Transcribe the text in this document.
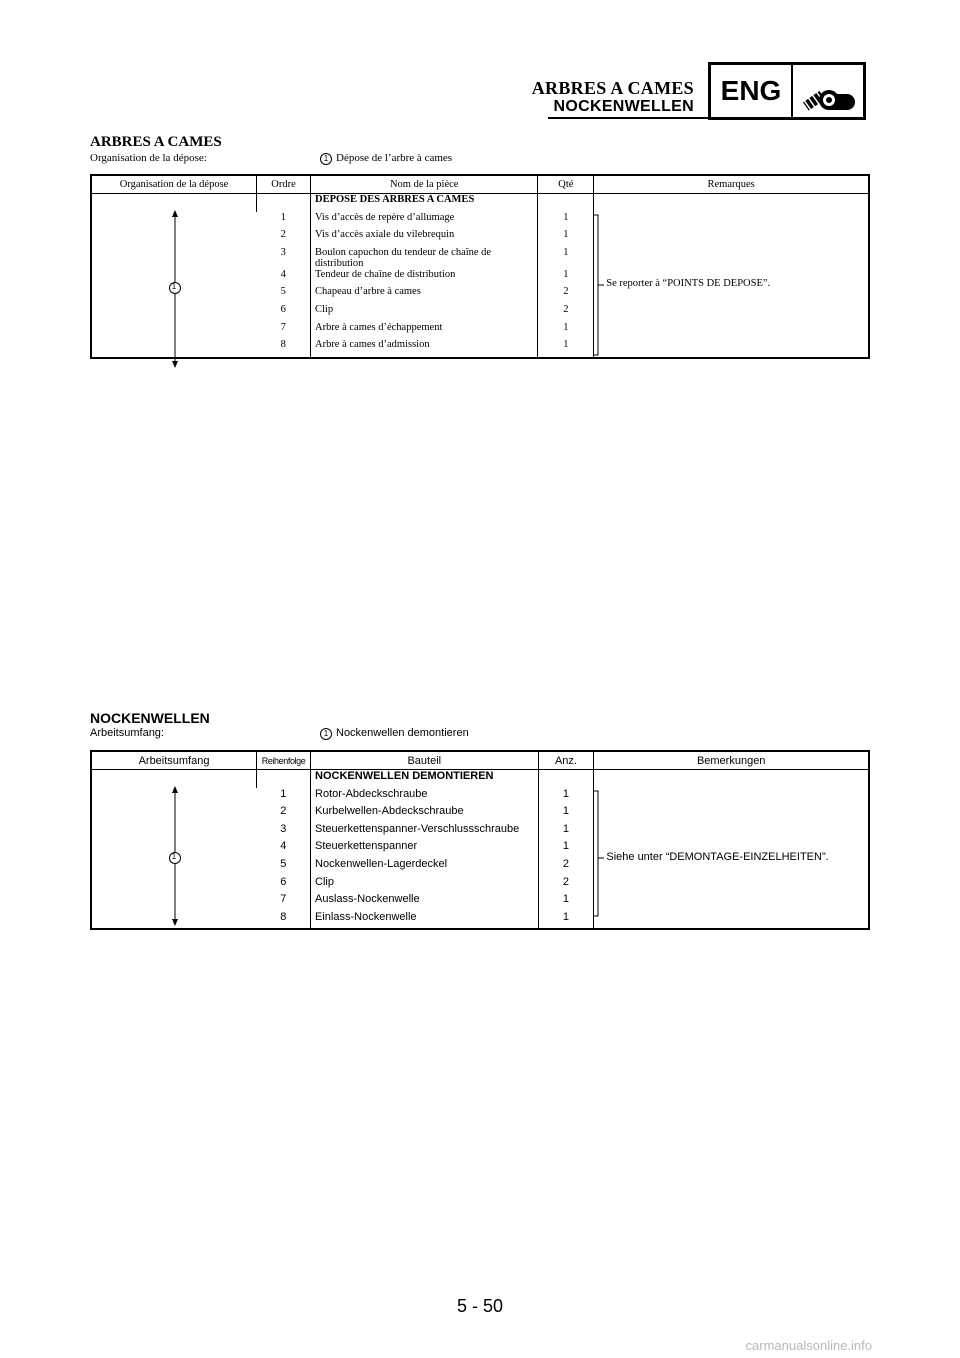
ARBRES A CAMES
NOCKENWELLEN
ENG
ARBRES A CAMES
Organisation de la dépose:	1 Dépose de l’arbre à cames
Organisation de la dépose	Ordre	Nom de la pièce	Qté	Remarques

1		DEPOSE DES ARBRES A CAMES		Se reporter à “POINTS DE DEPOSE”.

	1	Vis d’accès de repère d’allumage	1	
	2	Vis d’accès axiale du vilebrequin	1	
	3	Boulon capuchon du tendeur de chaîne de
distribution	1	
	4	Tendeur de chaîne de distribution	1	
	5	Chapeau d’arbre à cames	2	
	6	Clip	2	
	7	Arbre à cames d’échappement	1	
	8	Arbre à cames d’admission	1	
NOCKENWELLEN
Arbeitsumfang:	1 Nockenwellen demontieren
Arbeitsumfang	Reihenfolge	Bauteil	Anz.	Bemerkungen

1		NOCKENWELLEN DEMONTIEREN		Siehe unter “DEMONTAGE-EINZELHEITEN”.

	1	Rotor-Abdeckschraube	1	
	2	Kurbelwellen-Abdeckschraube	1	
	3	Steuerkettenspanner-Verschlussschraube	1	
	4	Steuerkettenspanner	1	
	5	Nockenwellen-Lagerdeckel	2	
	6	Clip	2	
	7	Auslass-Nockenwelle	1	
	8	Einlass-Nockenwelle	1	
5 - 50
carmanualsonline.info
